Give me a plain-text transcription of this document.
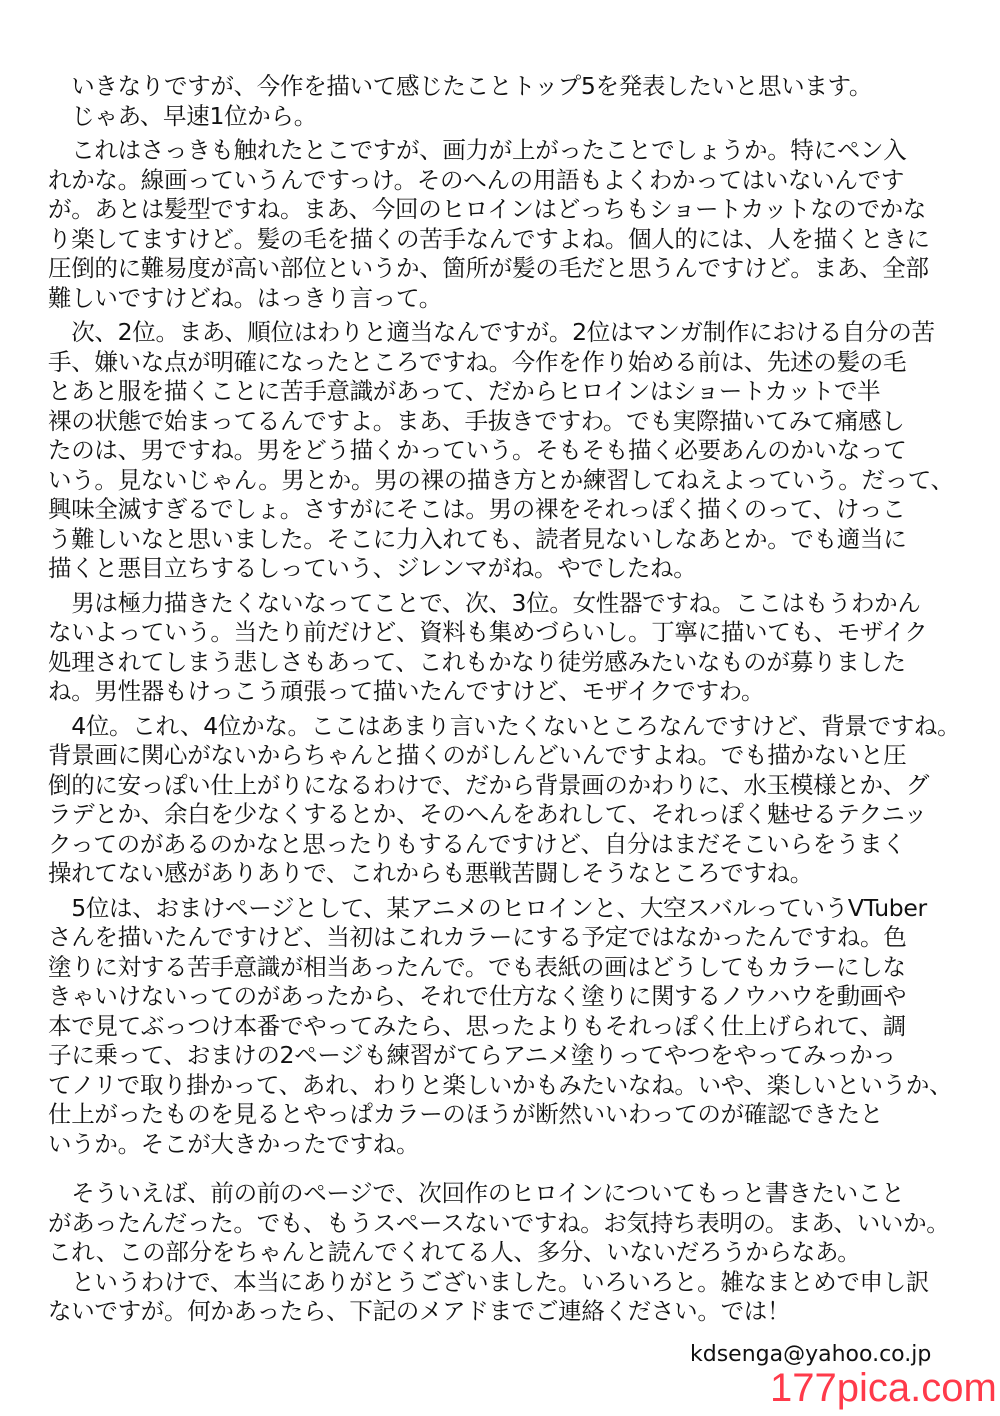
　いきなりですが、今作を描いて感じたことトップ5を発表したいと思います。
　じゃあ、早速1位から。
　これはさっきも触れたとこですが、画力が上がったことでしょうか。特にペン入
れかな。線画っていうんですっけ。そのへんの用語もよくわかってはいないんです
が。あとは髪型ですね。まあ、今回のヒロインはどっちもショートカットなのでかな
り楽してますけど。髪の毛を描くの苦手なんですよね。個人的には、人を描くときに
圧倒的に難易度が高い部位というか、箇所が髪の毛だと思うんですけど。まあ、全部
難しいですけどね。はっきり言って。
　次、2位。まあ、順位はわりと適当なんですが。2位はマンガ制作における自分の苦
手、嫌いな点が明確になったところですね。今作を作り始める前は、先述の髪の毛
とあと服を描くことに苦手意識があって、だからヒロインはショートカットで半
裸の状態で始まってるんですよ。まあ、手抜きですわ。でも実際描いてみて痛感し
たのは、男ですね。男をどう描くかっていう。そもそも描く必要あんのかいなって
いう。見ないじゃん。男とか。男の裸の描き方とか練習してねえよっていう。だって、
興味全滅すぎるでしょ。さすがにそこは。男の裸をそれっぽく描くのって、けっこ
う難しいなと思いました。そこに力入れても、読者見ないしなあとか。でも適当に
描くと悪目立ちするしっていう、ジレンマがね。やでしたね。
　男は極力描きたくないなってことで、次、3位。女性器ですね。ここはもうわかん
ないよっていう。当たり前だけど、資料も集めづらいし。丁寧に描いても、モザイク
処理されてしまう悲しさもあって、これもかなり徒労感みたいなものが募りました
ね。男性器もけっこう頑張って描いたんですけど、モザイクですわ。
　4位。これ、4位かな。ここはあまり言いたくないところなんですけど、背景ですね。
背景画に関心がないからちゃんと描くのがしんどいんですよね。でも描かないと圧
倒的に安っぽい仕上がりになるわけで、だから背景画のかわりに、水玉模様とか、グ
ラデとか、余白を少なくするとか、そのへんをあれして、それっぽく魅せるテクニッ
クってのがあるのかなと思ったりもするんですけど、自分はまだそこいらをうまく
操れてない感がありありで、これからも悪戦苦闘しそうなところですね。
　5位は、おまけページとして、某アニメのヒロインと、大空スバルっていうVTuber
さんを描いたんですけど、当初はこれカラーにする予定ではなかったんですね。色
塗りに対する苦手意識が相当あったんで。でも表紙の画はどうしてもカラーにしな
きゃいけないってのがあったから、それで仕方なく塗りに関するノウハウを動画や
本で見てぶっつけ本番でやってみたら、思ったよりもそれっぽく仕上げられて、調
子に乗って、おまけの2ページも練習がてらアニメ塗りってやつをやってみっかっ
てノリで取り掛かって、あれ、わりと楽しいかもみたいなね。いや、楽しいというか、
仕上がったものを見るとやっぱカラーのほうが断然いいわってのが確認できたと
いうか。そこが大きかったですね。
　そういえば、前の前のページで、次回作のヒロインについてもっと書きたいこと
があったんだった。でも、もうスペースないですね。お気持ち表明の。まあ、いいか。
これ、この部分をちゃんと読んでくれてる人、多分、いないだろうからなあ。
　というわけで、本当にありがとうございました。いろいろと。雑なまとめで申し訳
ないですが。何かあったら、下記のメアドまでご連絡ください。では！
kdsenga@yahoo.co.jp
177pica.com
